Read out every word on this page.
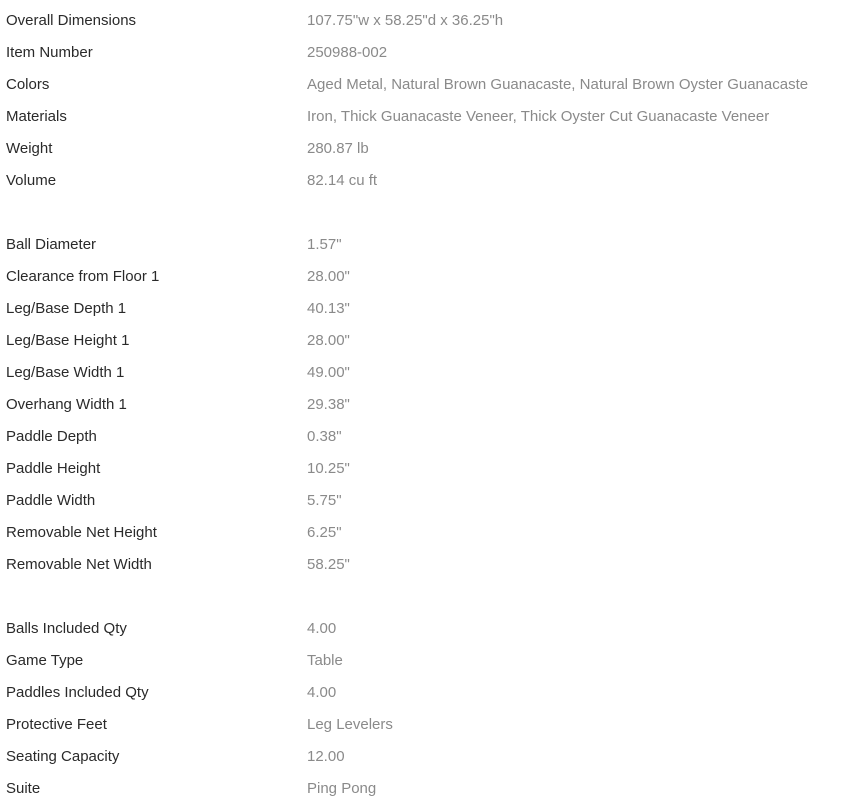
Overall Dimensions	107.75"w x 58.25"d x 36.25"h
Item Number	250988-002
Colors	Aged Metal, Natural Brown Guanacaste, Natural Brown Oyster Guanacaste
Materials	Iron, Thick Guanacaste Veneer, Thick Oyster Cut Guanacaste Veneer
Weight	280.87 lb
Volume	82.14 cu ft
Ball Diameter	1.57"
Clearance from Floor 1	28.00"
Leg/Base Depth 1	40.13"
Leg/Base Height 1	28.00"
Leg/Base Width 1	49.00"
Overhang Width 1	29.38"
Paddle Depth	0.38"
Paddle Height	10.25"
Paddle Width	5.75"
Removable Net Height	6.25"
Removable Net Width	58.25"
Balls Included Qty	4.00
Game Type	Table
Paddles Included Qty	4.00
Protective Feet	Leg Levelers
Seating Capacity	12.00
Suite	Ping Pong
